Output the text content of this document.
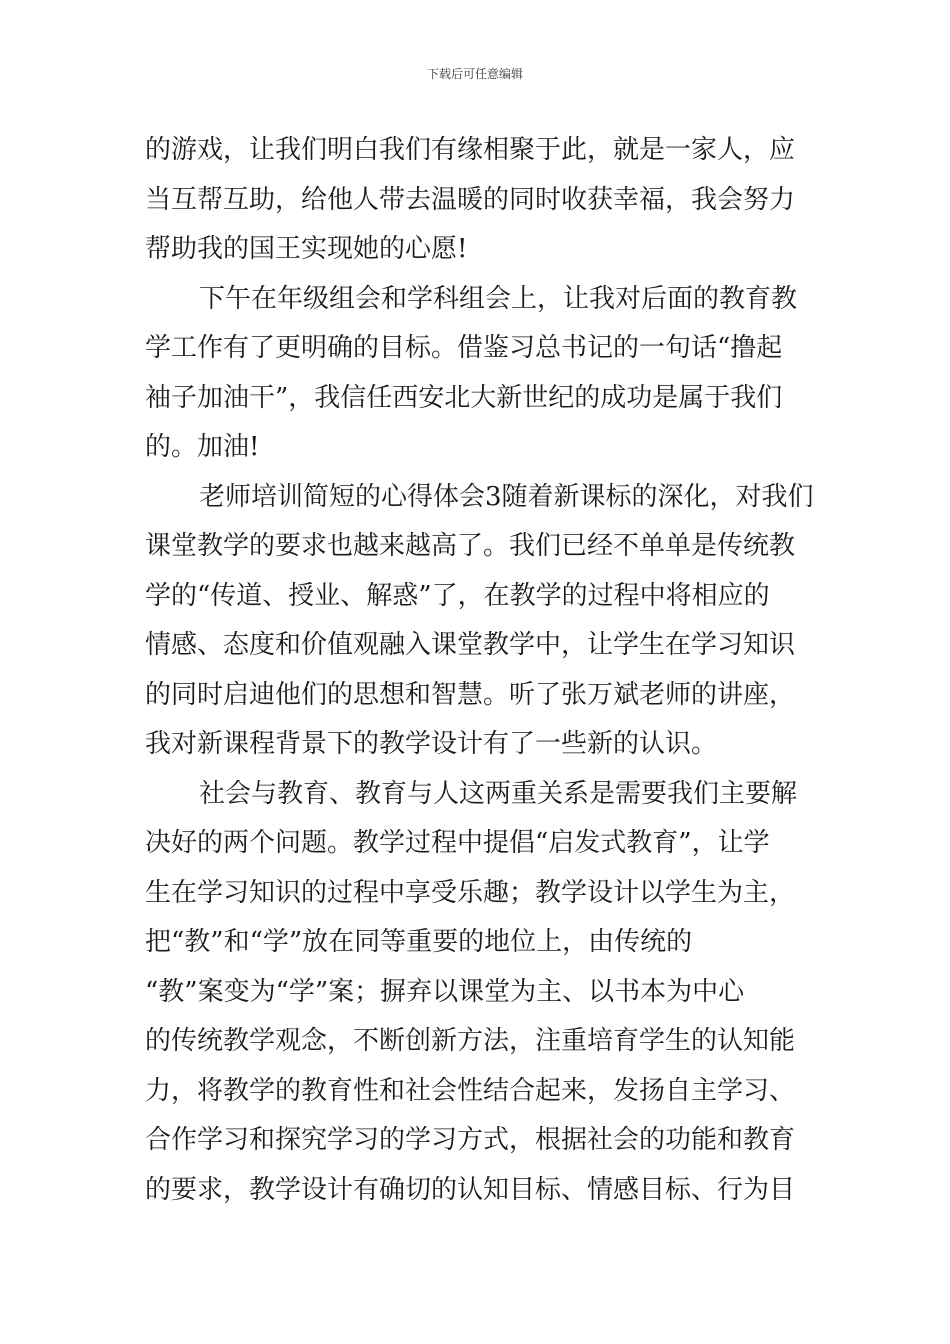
下载后可任意编辑
的游戏，让我们明白我们有缘相聚于此，就是一家人，应
当互帮互助，给他人带去温暖的同时收获幸福，我会努力
帮助我的国王实现她的心愿!
下午在年级组会和学科组会上，让我对后面的教育教
学工作有了更明确的目标。借鉴习总书记的一句话“撸起
袖子加油干”，我信任西安北大新世纪的成功是属于我们
的。加油!
老师培训简短的心得体会3随着新课标的深化，对我们
课堂教学的要求也越来越高了。我们已经不单单是传统教
学的“传道、授业、解惑”了，在教学的过程中将相应的
情感、态度和价值观融入课堂教学中，让学生在学习知识
的同时启迪他们的思想和智慧。听了张万斌老师的讲座，
我对新课程背景下的教学设计有了一些新的认识。
社会与教育、教育与人这两重关系是需要我们主要解
决好的两个问题。教学过程中提倡“启发式教育”，让学
生在学习知识的过程中享受乐趣；教学设计以学生为主，
把“教”和“学”放在同等重要的地位上，由传统的
“教”案变为“学”案；摒弃以课堂为主、以书本为中心
的传统教学观念，不断创新方法，注重培育学生的认知能
力，将教学的教育性和社会性结合起来，发扬自主学习、
合作学习和探究学习的学习方式，根据社会的功能和教育
的要求，教学设计有确切的认知目标、情感目标、行为目
